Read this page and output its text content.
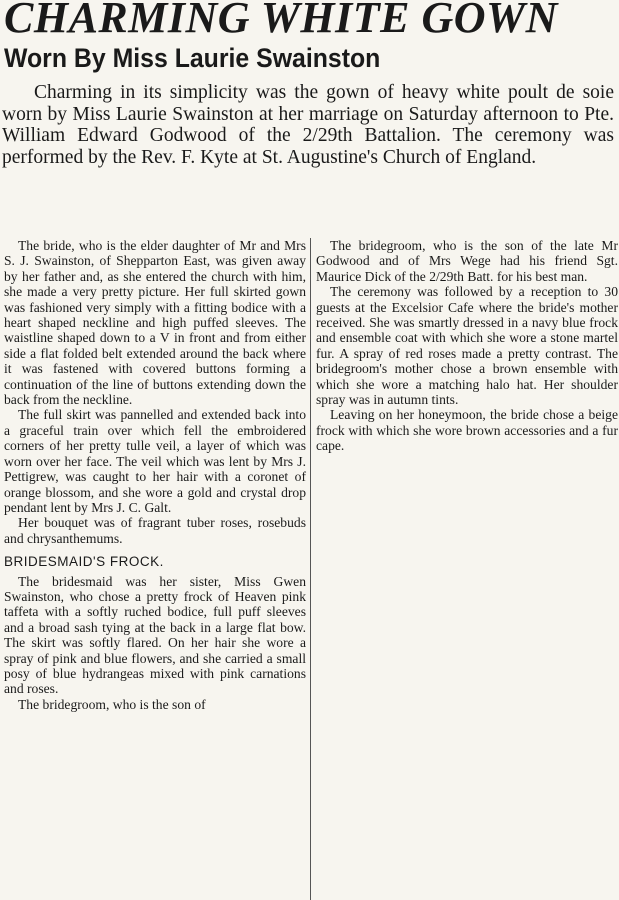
CHARMING WHITE GOWN
Worn By Miss Laurie Swainston

Charming in its simplicity was the gown of heavy white poult de soie worn by Miss Laurie Swainston at her marriage on Saturday afternoon to Pte. William Edward Godwood of the 2/29th Battalion. The ceremony was performed by the Rev. F. Kyte at St. Augustine's Church of England.

The bride, who is the elder daughter of Mr and Mrs S. J. Swainston, of Shepparton East, was given away by her father and, as she entered the church with him, she made a very pretty picture. Her full skirted gown was fashioned very simply with a fitting bodice with a heart shaped neckline and high puffed sleeves. The waistline shaped down to a V in front and from either side a flat folded belt extended around the back where it was fastened with covered buttons forming a continuation of the line of buttons extending down the back from the neckline.

The full skirt was pannelled and extended back into a graceful train over which fell the embroidered corners of her pretty tulle veil, a layer of which was worn over her face. The veil which was lent by Mrs J. Pettigrew, was caught to her hair with a coronet of orange blossom, and she wore a gold and crystal drop pendant lent by Mrs J. C. Galt.

Her bouquet was of fragrant tuber roses, rosebuds and chrysanthemums.

BRIDESMAID'S FROCK.

The bridesmaid was her sister, Miss Gwen Swainston, who chose a pretty frock of Heaven pink taffeta with a softly ruched bodice, full puff sleeves and a broad sash tying at the back in a large flat bow. The skirt was softly flared. On her hair she wore a spray of pink and blue flowers, and she carried a small posy of blue hydrangeas mixed with pink carnations and roses.

The bridegroom, who is the son of

The bridegroom, who is the son of the late Mr Godwood and of Mrs Wege had his friend Sgt. Maurice Dick of the 2/29th Batt. for his best man.

The ceremony was followed by a reception to 30 guests at the Excelsior Cafe where the bride's mother received. She was smartly dressed in a navy blue frock and ensemble coat with which she wore a stone martel fur. A spray of red roses made a pretty contrast. The bridegroom's mother chose a brown ensemble with which she wore a matching halo hat. Her shoulder spray was in autumn tints.

Leaving on her honeymoon, the bride chose a beige frock with which she wore brown accessories and a fur cape.
